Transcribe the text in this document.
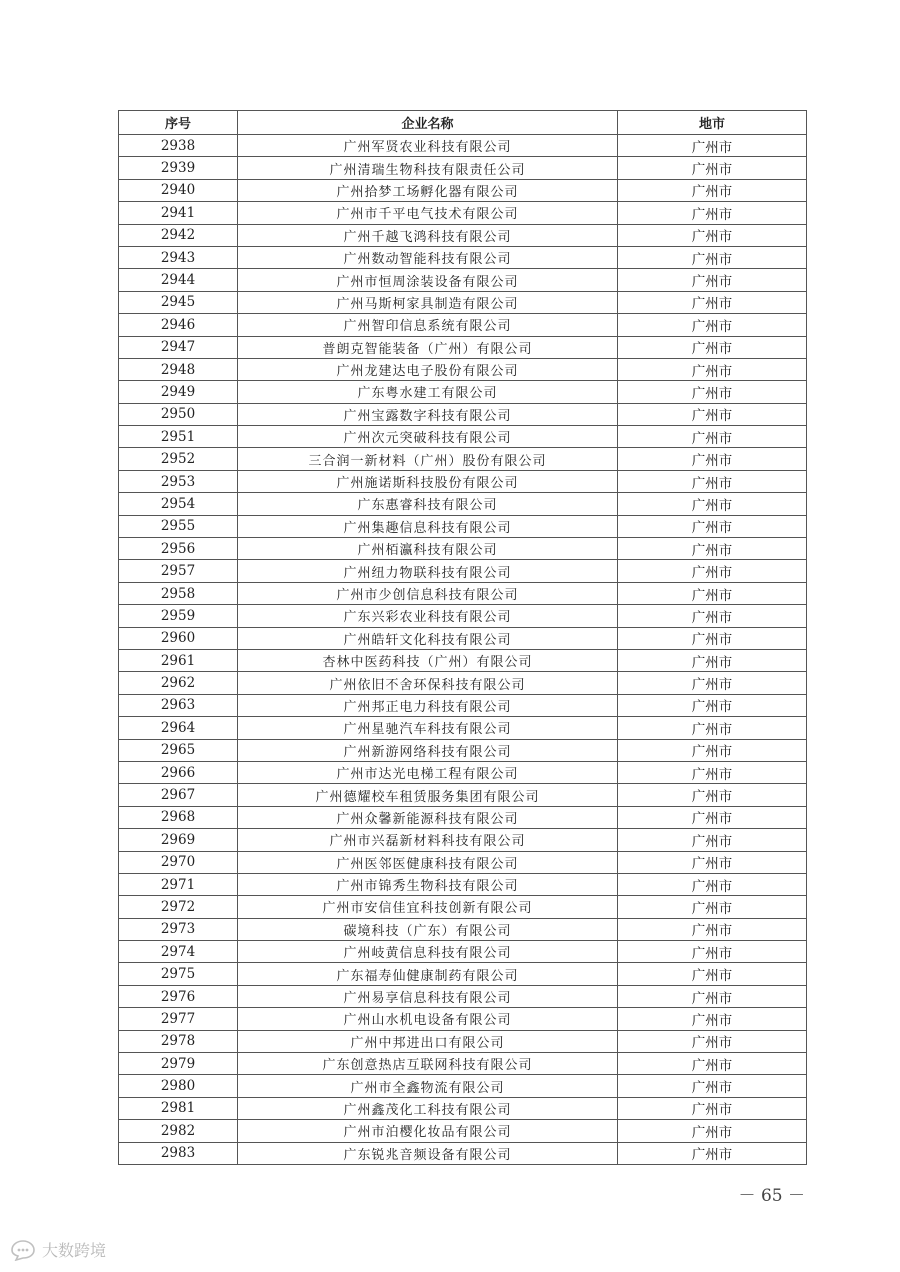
序号	企业名称	地市
2938	广州军贤农业科技有限公司	广州市
2939	广州清瑞生物科技有限责任公司	广州市
2940	广州拾梦工场孵化器有限公司	广州市
2941	广州市千平电气技术有限公司	广州市
2942	广州千越飞鸿科技有限公司	广州市
2943	广州数动智能科技有限公司	广州市
2944	广州市恒周涂装设备有限公司	广州市
2945	广州马斯柯家具制造有限公司	广州市
2946	广州智印信息系统有限公司	广州市
2947	普朗克智能装备（广州）有限公司	广州市
2948	广州龙建达电子股份有限公司	广州市
2949	广东粤水建工有限公司	广州市
2950	广州宝露数字科技有限公司	广州市
2951	广州次元突破科技有限公司	广州市
2952	三合润一新材料（广州）股份有限公司	广州市
2953	广州施诺斯科技股份有限公司	广州市
2954	广东惠睿科技有限公司	广州市
2955	广州集趣信息科技有限公司	广州市
2956	广州栢瀛科技有限公司	广州市
2957	广州纽力物联科技有限公司	广州市
2958	广州市少创信息科技有限公司	广州市
2959	广东兴彩农业科技有限公司	广州市
2960	广州皓轩文化科技有限公司	广州市
2961	杏林中医药科技（广州）有限公司	广州市
2962	广州依旧不舍环保科技有限公司	广州市
2963	广州邦正电力科技有限公司	广州市
2964	广州星驰汽车科技有限公司	广州市
2965	广州新游网络科技有限公司	广州市
2966	广州市达光电梯工程有限公司	广州市
2967	广州德耀校车租赁服务集团有限公司	广州市
2968	广州众馨新能源科技有限公司	广州市
2969	广州市兴磊新材料科技有限公司	广州市
2970	广州医邻医健康科技有限公司	广州市
2971	广州市锦秀生物科技有限公司	广州市
2972	广州市安信佳宜科技创新有限公司	广州市
2973	碳境科技（广东）有限公司	广州市
2974	广州岐黄信息科技有限公司	广州市
2975	广东福寿仙健康制药有限公司	广州市
2976	广州易享信息科技有限公司	广州市
2977	广州山水机电设备有限公司	广州市
2978	广州中邦进出口有限公司	广州市
2979	广东创意热店互联网科技有限公司	广州市
2980	广州市全鑫物流有限公司	广州市
2981	广州鑫茂化工科技有限公司	广州市
2982	广州市泊樱化妆品有限公司	广州市
2983	广东锐兆音频设备有限公司	广州市
－ 65 －
大数跨境
